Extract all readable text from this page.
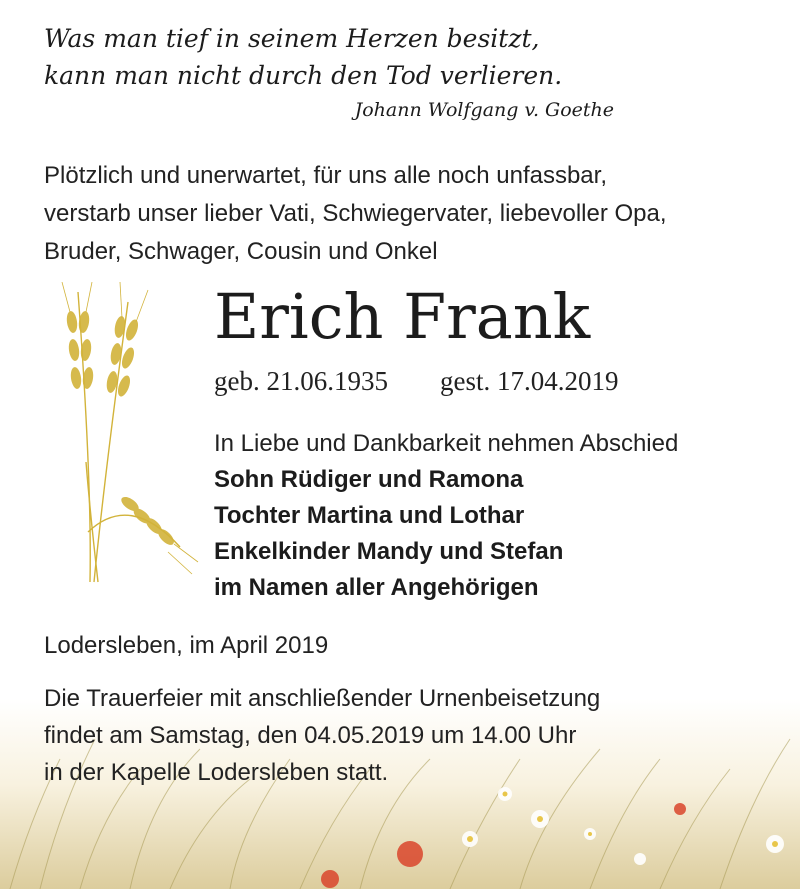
Was man tief in seinem Herzen besitzt,
kann man nicht durch den Tod verlieren.
Johann Wolfgang v. Goethe
Plötzlich und unerwartet, für uns alle noch unfassbar,
verstarb unser lieber Vati, Schwiegervater, liebevoller Opa,
Bruder, Schwager, Cousin und Onkel
Erich Frank
geb. 21.06.1935 gest. 17.04.2019
In Liebe und Dankbarkeit nehmen Abschied
Sohn Rüdiger und Ramona
Tochter Martina und Lothar
Enkelkinder Mandy und Stefan
im Namen aller Angehörigen
Lodersleben, im April 2019
Die Trauerfeier mit anschließender Urnenbeisetzung
findet am Samstag, den 04.05.2019 um 14.00 Uhr
in der Kapelle Lodersleben statt.
